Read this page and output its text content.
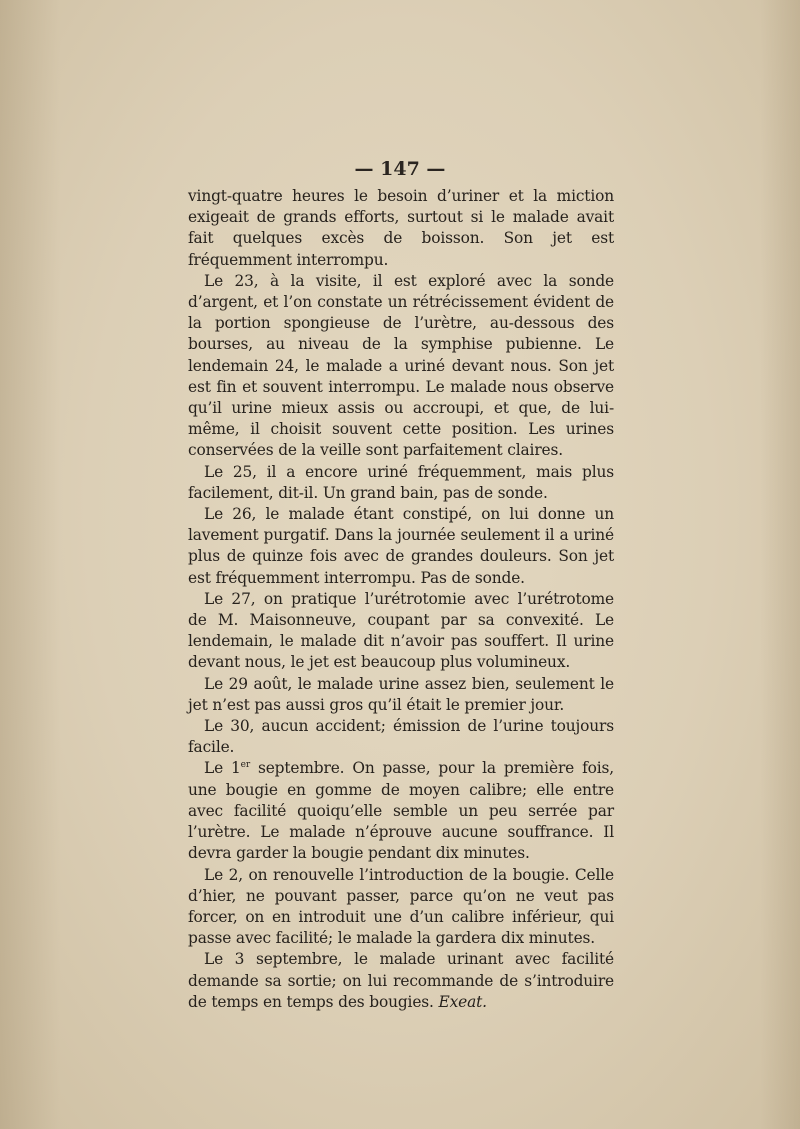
— 147 —

vingt-quatre heures le besoin d’uriner et la miction exigeait de grands efforts, surtout si le malade avait fait quelques excès de boisson. Son jet est fréquemment interrompu.

Le 23, à la visite, il est exploré avec la sonde d’argent, et l’on constate un rétrécissement évident de la portion spongieuse de l’urètre, au-dessous des bourses, au niveau de la symphise pubienne. Le lendemain 24, le malade a uriné devant nous. Son jet est fin et souvent interrompu. Le malade nous observe qu’il urine mieux assis ou accroupi, et que, de lui-même, il choisit souvent cette position. Les urines conservées de la veille sont parfaitement claires.

Le 25, il a encore uriné fréquemment, mais plus facilement, dit-il. Un grand bain, pas de sonde.

Le 26, le malade étant constipé, on lui donne un lavement purgatif. Dans la journée seulement il a uriné plus de quinze fois avec de grandes douleurs. Son jet est fréquemment interrompu. Pas de sonde.

Le 27, on pratique l’urétrotomie avec l’urétrotome de M. Maisonneuve, coupant par sa convexité. Le lendemain, le malade dit n’avoir pas souffert. Il urine devant nous, le jet est beaucoup plus volumineux.

Le 29 août, le malade urine assez bien, seulement le jet n’est pas aussi gros qu’il était le premier jour.

Le 30, aucun accident; émission de l’urine toujours facile.

Le 1er septembre. On passe, pour la première fois, une bougie en gomme de moyen calibre; elle entre avec facilité quoiqu’elle semble un peu serrée par l’urètre. Le malade n’éprouve aucune souffrance. Il devra garder la bougie pendant dix minutes.

Le 2, on renouvelle l’introduction de la bougie. Celle d’hier, ne pouvant passer, parce qu’on ne veut pas forcer, on en introduit une d’un calibre inférieur, qui passe avec facilité; le malade la gardera dix minutes.

Le 3 septembre, le malade urinant avec facilité demande sa sortie; on lui recommande de s’introduire de temps en temps des bougies. Exeat.
